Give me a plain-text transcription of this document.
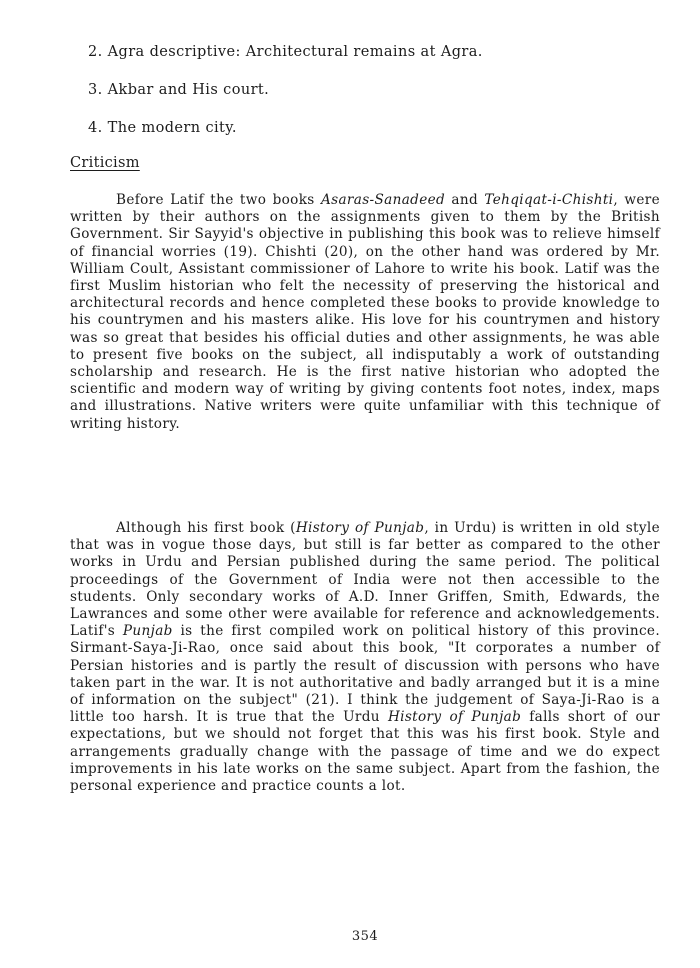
2. Agra descriptive: Architectural remains at Agra.
3. Akbar and His court.
4. The modern city.
Criticism

Before Latif the two books Asaras-Sanadeed and Tehqiqat-i-Chishti, were written by their authors on the assignments given to them by the British Government. Sir Sayyid's objective in publishing this book was to relieve himself of financial worries (19). Chishti (20), on the other hand was ordered by Mr. William Coult, Assistant commissioner of Lahore to write his book. Latif was the first Muslim historian who felt the necessity of preserving the historical and architectural records and hence completed these books to provide knowledge to his countrymen and his masters alike. His love for his countrymen and history was so great that besides his official duties and other assignments, he was able to present five books on the subject, all indisputably a work of outstanding scholarship and research. He is the first native historian who adopted the scientific and modern way of writing by giving contents foot notes, index, maps and illustrations. Native writers were quite unfamiliar with this technique of writing history.

Although his first book (History of Punjab, in Urdu) is written in old style that was in vogue those days, but still is far better as compared to the other works in Urdu and Persian published during the same period. The political proceedings of the Government of India were not then accessible to the students. Only secondary works of A.D. Inner Griffen, Smith, Edwards, the Lawrances and some other were available for reference and acknowledgements. Latif's Punjab is the first compiled work on political history of this province. Sirmant-Saya-Ji-Rao, once said about this book, "It corporates a number of Persian histories and is partly the result of discussion with persons who have taken part in the war. It is not authoritative and badly arranged but it is a mine of information on the subject" (21). I think the judgement of Saya-Ji-Rao is a little too harsh. It is true that the Urdu History of Punjab falls short of our expectations, but we should not forget that this was his first book. Style and arrangements gradually change with the passage of time and we do expect improvements in his late works on the same subject. Apart from the fashion, the personal experience and practice counts a lot.

354
